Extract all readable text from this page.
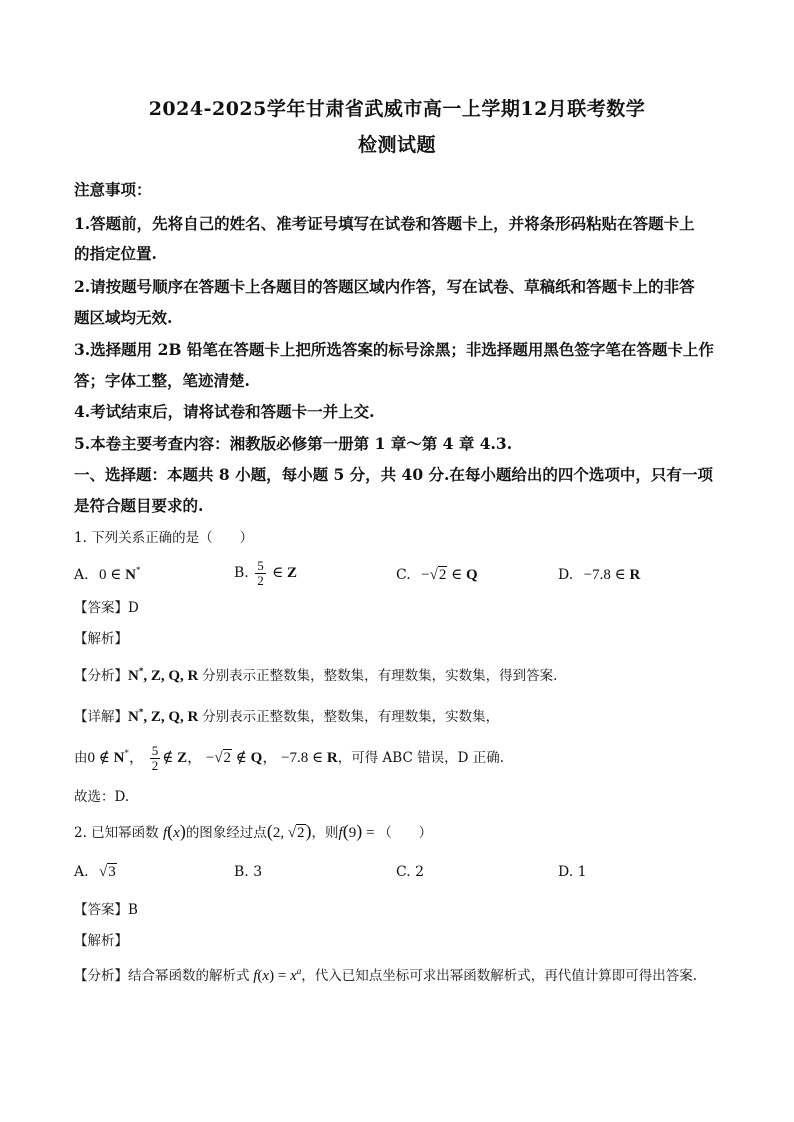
2024-2025学年甘肃省武威市高一上学期12月联考数学
检测试题
注意事项：
1.答题前，先将自己的姓名、准考证号填写在试卷和答题卡上，并将条形码粘贴在答题卡上
的指定位置.
2.请按题号顺序在答题卡上各题目的答题区域内作答，写在试卷、草稿纸和答题卡上的非答
题区域均无效.
3.选择题用 2B 铅笔在答题卡上把所选答案的标号涂黑；非选择题用黑色签字笔在答题卡上作
答；字体工整，笔迹清楚.
4.考试结束后，请将试卷和答题卡一并上交.
5.本卷主要考查内容：湘教版必修第一册第 1 章～第 4 章 4.3.
一、选择题：本题共 8 小题，每小题 5 分，共 40 分.在每小题给出的四个选项中，只有一项
是符合题目要求的.
1. 下列关系正确的是（　　）
A. 0 ∈ N*	B. $\frac{5}{2}$ ∈ Z	C. −√2 ∈ Q	D. −7.8 ∈ R
【答案】D
【解析】
【分析】N*, Z, Q, R 分别表示正整数集，整数集，有理数集，实数集，得到答案.
【详解】N*, Z, Q, R 分别表示正整数集，整数集，有理数集，实数集，
由0 ∉ N*， $\frac{5}{2}$ ∉ Z， −√2 ∉ Q， −7.8 ∈ R，可得 ABC 错误，D 正确.
故选：D.
2. 已知幂函数 f(x)的图象经过点(2, √2)，则f(9) = （　　）
A. √3	B. 3	C. 2	D. 1
【答案】B
【解析】
【分析】结合幂函数的解析式 $f(x) = x^a$，代入已知点坐标可求出幂函数解析式，再代值计算即可得出答案.
